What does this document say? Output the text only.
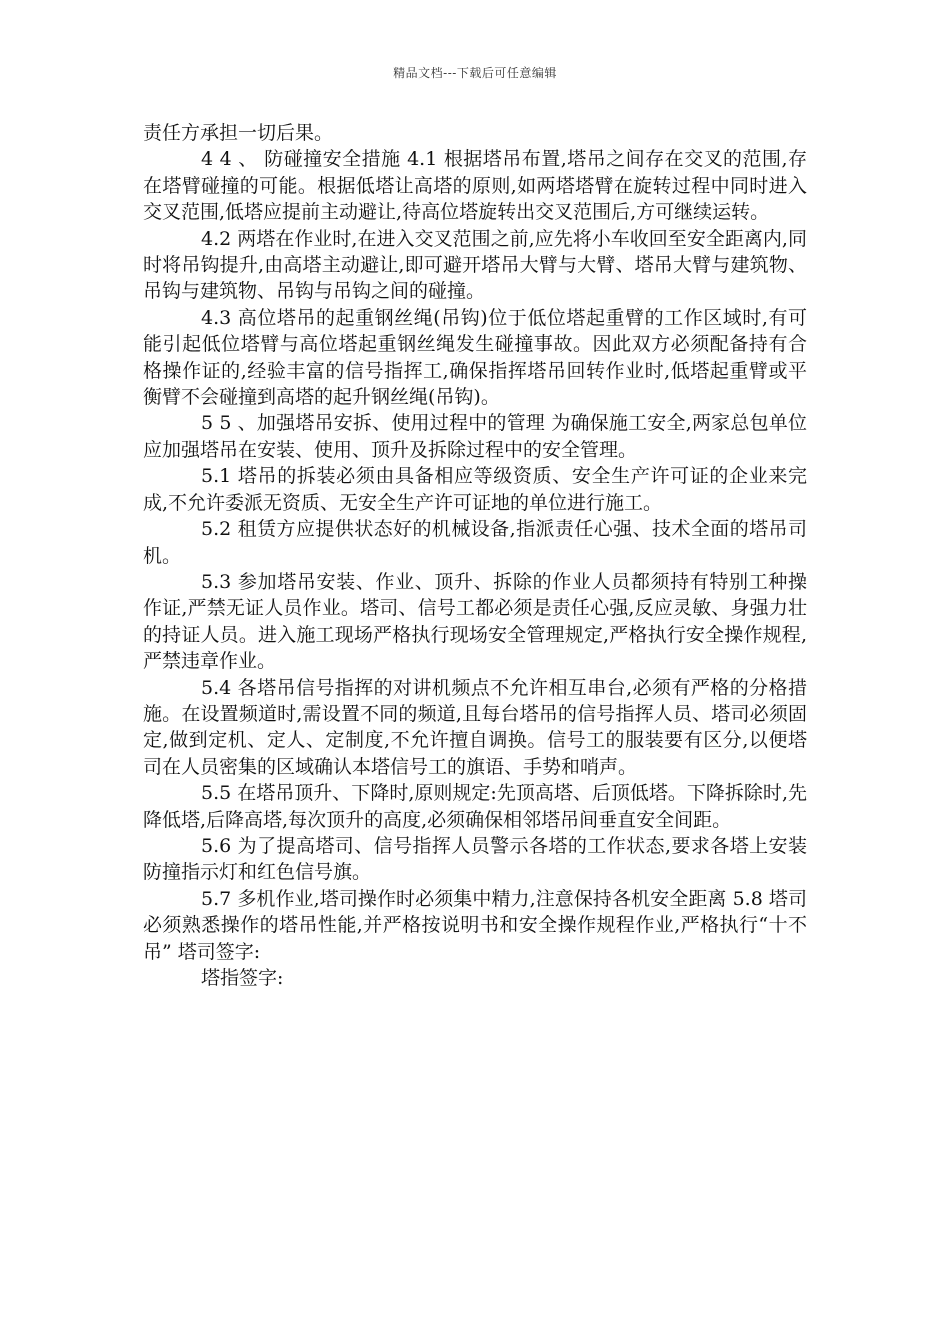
精品文档---下载后可任意编辑

责任方承担一切后果。

4 4 、 防碰撞安全措施 4.1 根据塔吊布置,塔吊之间存在交叉的范围,存在塔臂碰撞的可能。根据低塔让高塔的原则,如两塔塔臂在旋转过程中同时进入交叉范围,低塔应提前主动避让,待高位塔旋转出交叉范围后,方可继续运转。

4.2 两塔在作业时,在进入交叉范围之前,应先将小车收回至安全距离内,同时将吊钩提升,由高塔主动避让,即可避开塔吊大臂与大臂、塔吊大臂与建筑物、吊钩与建筑物、吊钩与吊钩之间的碰撞。

4.3 高位塔吊的起重钢丝绳(吊钩)位于低位塔起重臂的工作区域时,有可能引起低位塔臂与高位塔起重钢丝绳发生碰撞事故。因此双方必须配备持有合格操作证的,经验丰富的信号指挥工,确保指挥塔吊回转作业时,低塔起重臂或平衡臂不会碰撞到高塔的起升钢丝绳(吊钩)。

5 5 、加强塔吊安拆、使用过程中的管理 为确保施工安全,两家总包单位应加强塔吊在安装、使用、顶升及拆除过程中的安全管理。

5.1 塔吊的拆装必须由具备相应等级资质、安全生产许可证的企业来完成,不允许委派无资质、无安全生产许可证地的单位进行施工。

5.2 租赁方应提供状态好的机械设备,指派责任心强、技术全面的塔吊司机。

5.3 参加塔吊安装、作业、顶升、拆除的作业人员都须持有特别工种操作证,严禁无证人员作业。塔司、信号工都必须是责任心强,反应灵敏、身强力壮的持证人员。进入施工现场严格执行现场安全管理规定,严格执行安全操作规程,严禁违章作业。

5.4 各塔吊信号指挥的对讲机频点不允许相互串台,必须有严格的分格措施。在设置频道时,需设置不同的频道,且每台塔吊的信号指挥人员、塔司必须固定,做到定机、定人、定制度,不允许擅自调换。信号工的服装要有区分,以便塔司在人员密集的区域确认本塔信号工的旗语、手势和哨声。

5.5 在塔吊顶升、下降时,原则规定:先顶高塔、后顶低塔。下降拆除时,先降低塔,后降高塔,每次顶升的高度,必须确保相邻塔吊间垂直安全间距。

5.6 为了提高塔司、信号指挥人员警示各塔的工作状态,要求各塔上安装防撞指示灯和红色信号旗。

5.7 多机作业,塔司操作时必须集中精力,注意保持各机安全距离 5.8 塔司必须熟悉操作的塔吊性能,并严格按说明书和安全操作规程作业,严格执行“十不吊” 塔司签字:

塔指签字:
